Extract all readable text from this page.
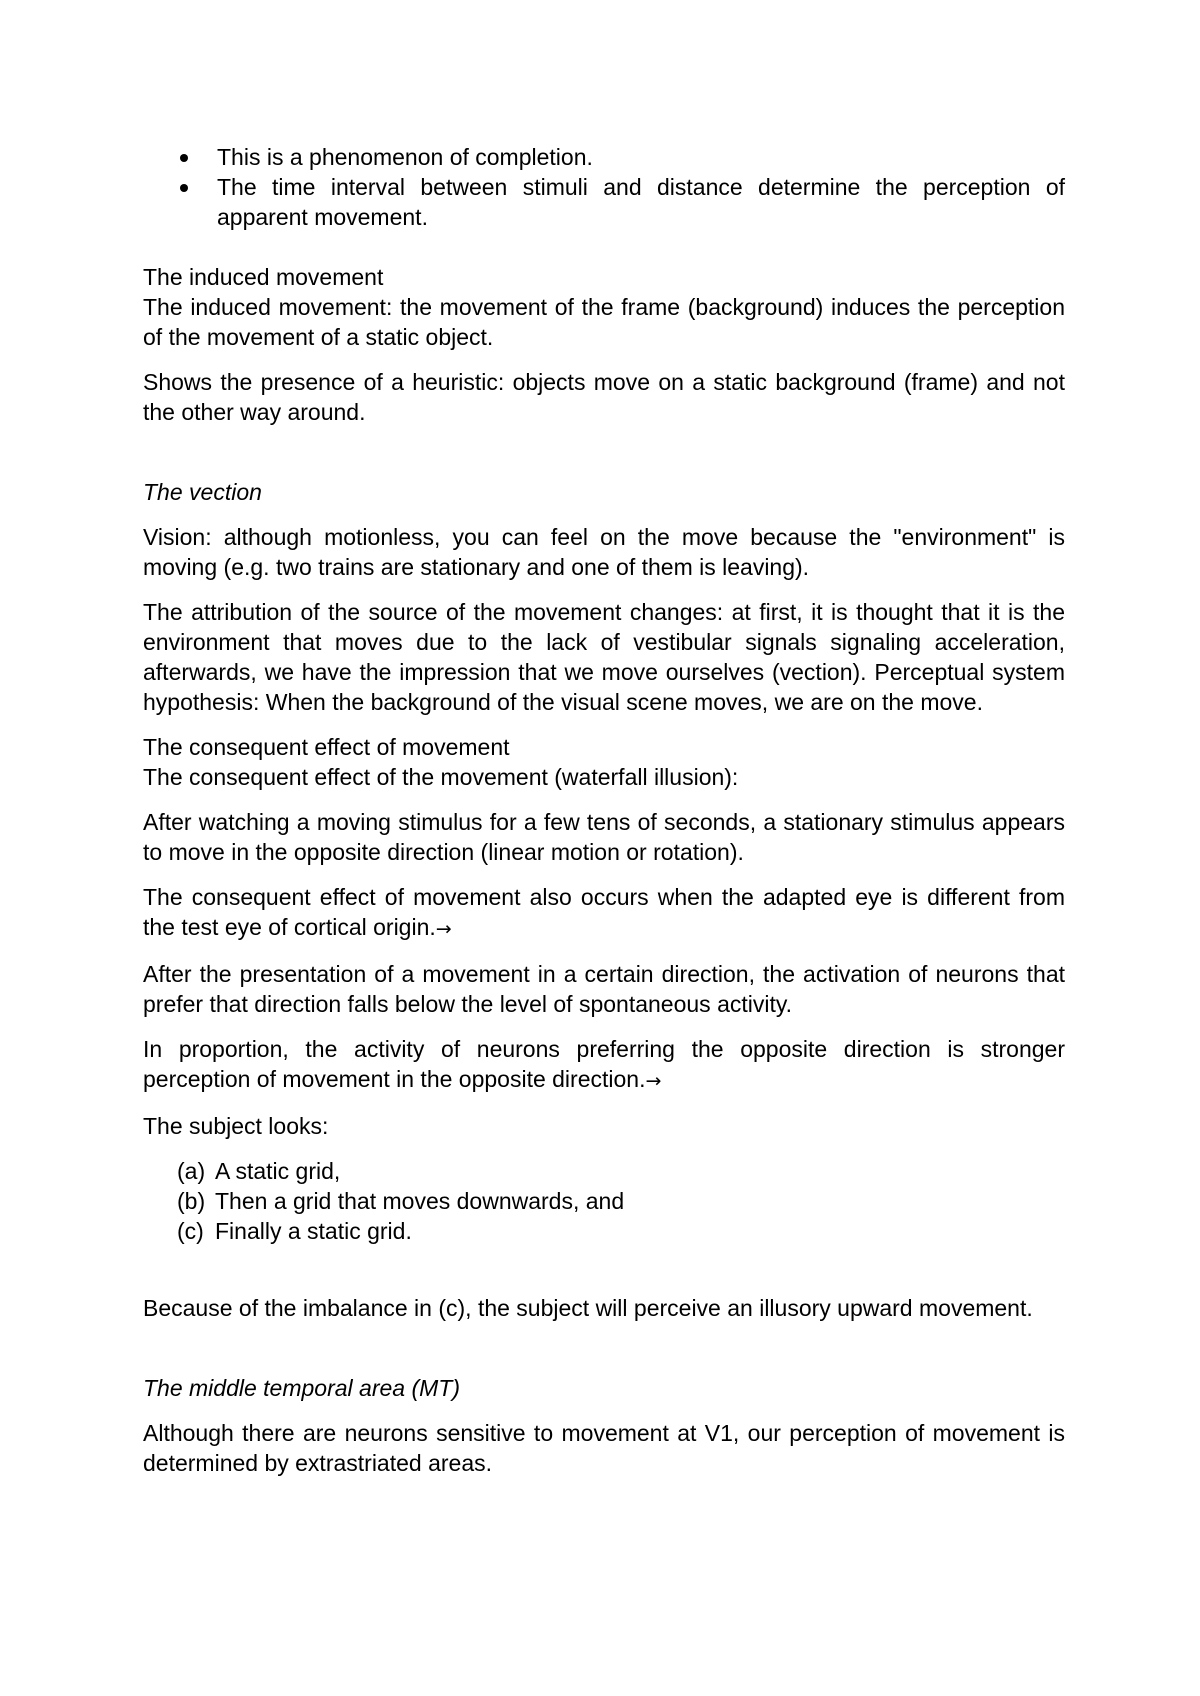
This is a phenomenon of completion.
The time interval between stimuli and distance determine the perception of apparent movement.

The induced movement

The induced movement: the movement of the frame (background) induces the perception of the movement of a static object.

Shows the presence of a heuristic: objects move on a static background (frame) and not the other way around.

The vection

Vision: although motionless, you can feel on the move because the "environment" is moving (e.g. two trains are stationary and one of them is leaving).

The attribution of the source of the movement changes: at first, it is thought that it is the environment that moves due to the lack of vestibular signals signaling acceleration, afterwards, we have the impression that we move ourselves (vection). Perceptual system hypothesis: When the background of the visual scene moves, we are on the move.

The consequent effect of movement

The consequent effect of the movement (waterfall illusion):

After watching a moving stimulus for a few tens of seconds, a stationary stimulus appears to move in the opposite direction (linear motion or rotation).

The consequent effect of movement also occurs when the adapted eye is different from the test eye of cortical origin.→

After the presentation of a movement in a certain direction, the activation of neurons that prefer that direction falls below the level of spontaneous activity.

In proportion, the activity of neurons preferring the opposite direction is stronger perception of movement in the opposite direction.→

The subject looks:

(a) A static grid,
(b) Then a grid that moves downwards, and
(c) Finally a static grid.

Because of the imbalance in (c), the subject will perceive an illusory upward movement.

The middle temporal area (MT)

Although there are neurons sensitive to movement at V1, our perception of movement is determined by extrastriated areas.
